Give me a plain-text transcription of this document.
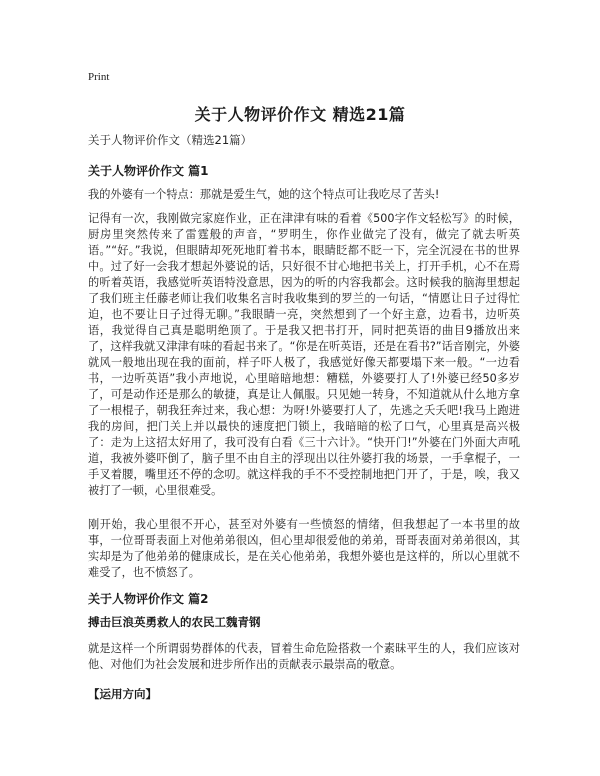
Print
关于人物评价作文 精选21篇
关于人物评价作文（精选21篇）
关于人物评价作文 篇1
我的外婆有一个特点：那就是爱生气，她的这个特点可让我吃尽了苦头!
记得有一次，我刚做完家庭作业，正在津津有味的看着《500字作文轻松写》的时候，厨房里突然传来了雷霆般的声音，“罗明生，你作业做完了没有，做完了就去听英语。”“好。”我说，但眼睛却死死地盯着书本，眼睛眨都不眨一下，完全沉浸在书的世界中。过了好一会我才想起外婆说的话，只好很不甘心地把书关上，打开手机，心不在焉的听着英语，我感觉听英语特没意思，因为的听的内容我都会。这时候我的脑海里想起了我们班主任藤老师让我们收集名言时我收集到的罗兰的一句话，“情愿让日子过得忙迫，也不要让日子过得无聊。”我眼睛一亮，突然想到了一个好主意，边看书，边听英语，我觉得自己真是聪明绝顶了。于是我又把书打开，同时把英语的曲目9播放出来了，这样我就又津津有味的看起书来了。“你是在听英语，还是在看书?”话音刚完，外婆就风一般地出现在我的面前，样子吓人极了，我感觉好像天都要塌下来一般。“一边看书，一边听英语”我小声地说，心里暗暗地想：糟糕，外婆要打人了!外婆已经50多岁了，可是动作还是那么的敏捷，真是让人佩服。只见她一转身，不知道就从什么地方拿了一根棍子，朝我狂奔过来，我心想：为呀!外婆要打人了，先逃之夭夭吧!我马上跑进我的房间，把门关上并以最快的速度把门锁上，我暗暗的松了口气，心里真是高兴极了：走为上这招太好用了，我可没有白看《三十六计》。“快开门!”外婆在门外面大声吼道，我被外婆吓倒了，脑子里不由自主的浮现出以往外婆打我的场景，一手拿棍子，一手叉着腰，嘴里还不停的念叨。就这样我的手不不受控制地把门开了，于是，唉，我又被打了一顿，心里很难受。
刚开始，我心里很不开心，甚至对外婆有一些愤怒的情绪，但我想起了一本书里的故事，一位哥哥表面上对他弟弟很凶，但心里却很爱他的弟弟，哥哥表面对弟弟很凶，其实却是为了他弟弟的健康成长，是在关心他弟弟，我想外婆也是这样的，所以心里就不难受了，也不愤怒了。
关于人物评价作文 篇2
搏击巨浪英勇救人的农民工魏青钢
就是这样一个所谓弱势群体的代表，冒着生命危险搭救一个素昧平生的人，我们应该对他、对他们为社会发展和进步所作出的贡献表示最崇高的敬意。
【运用方向】
